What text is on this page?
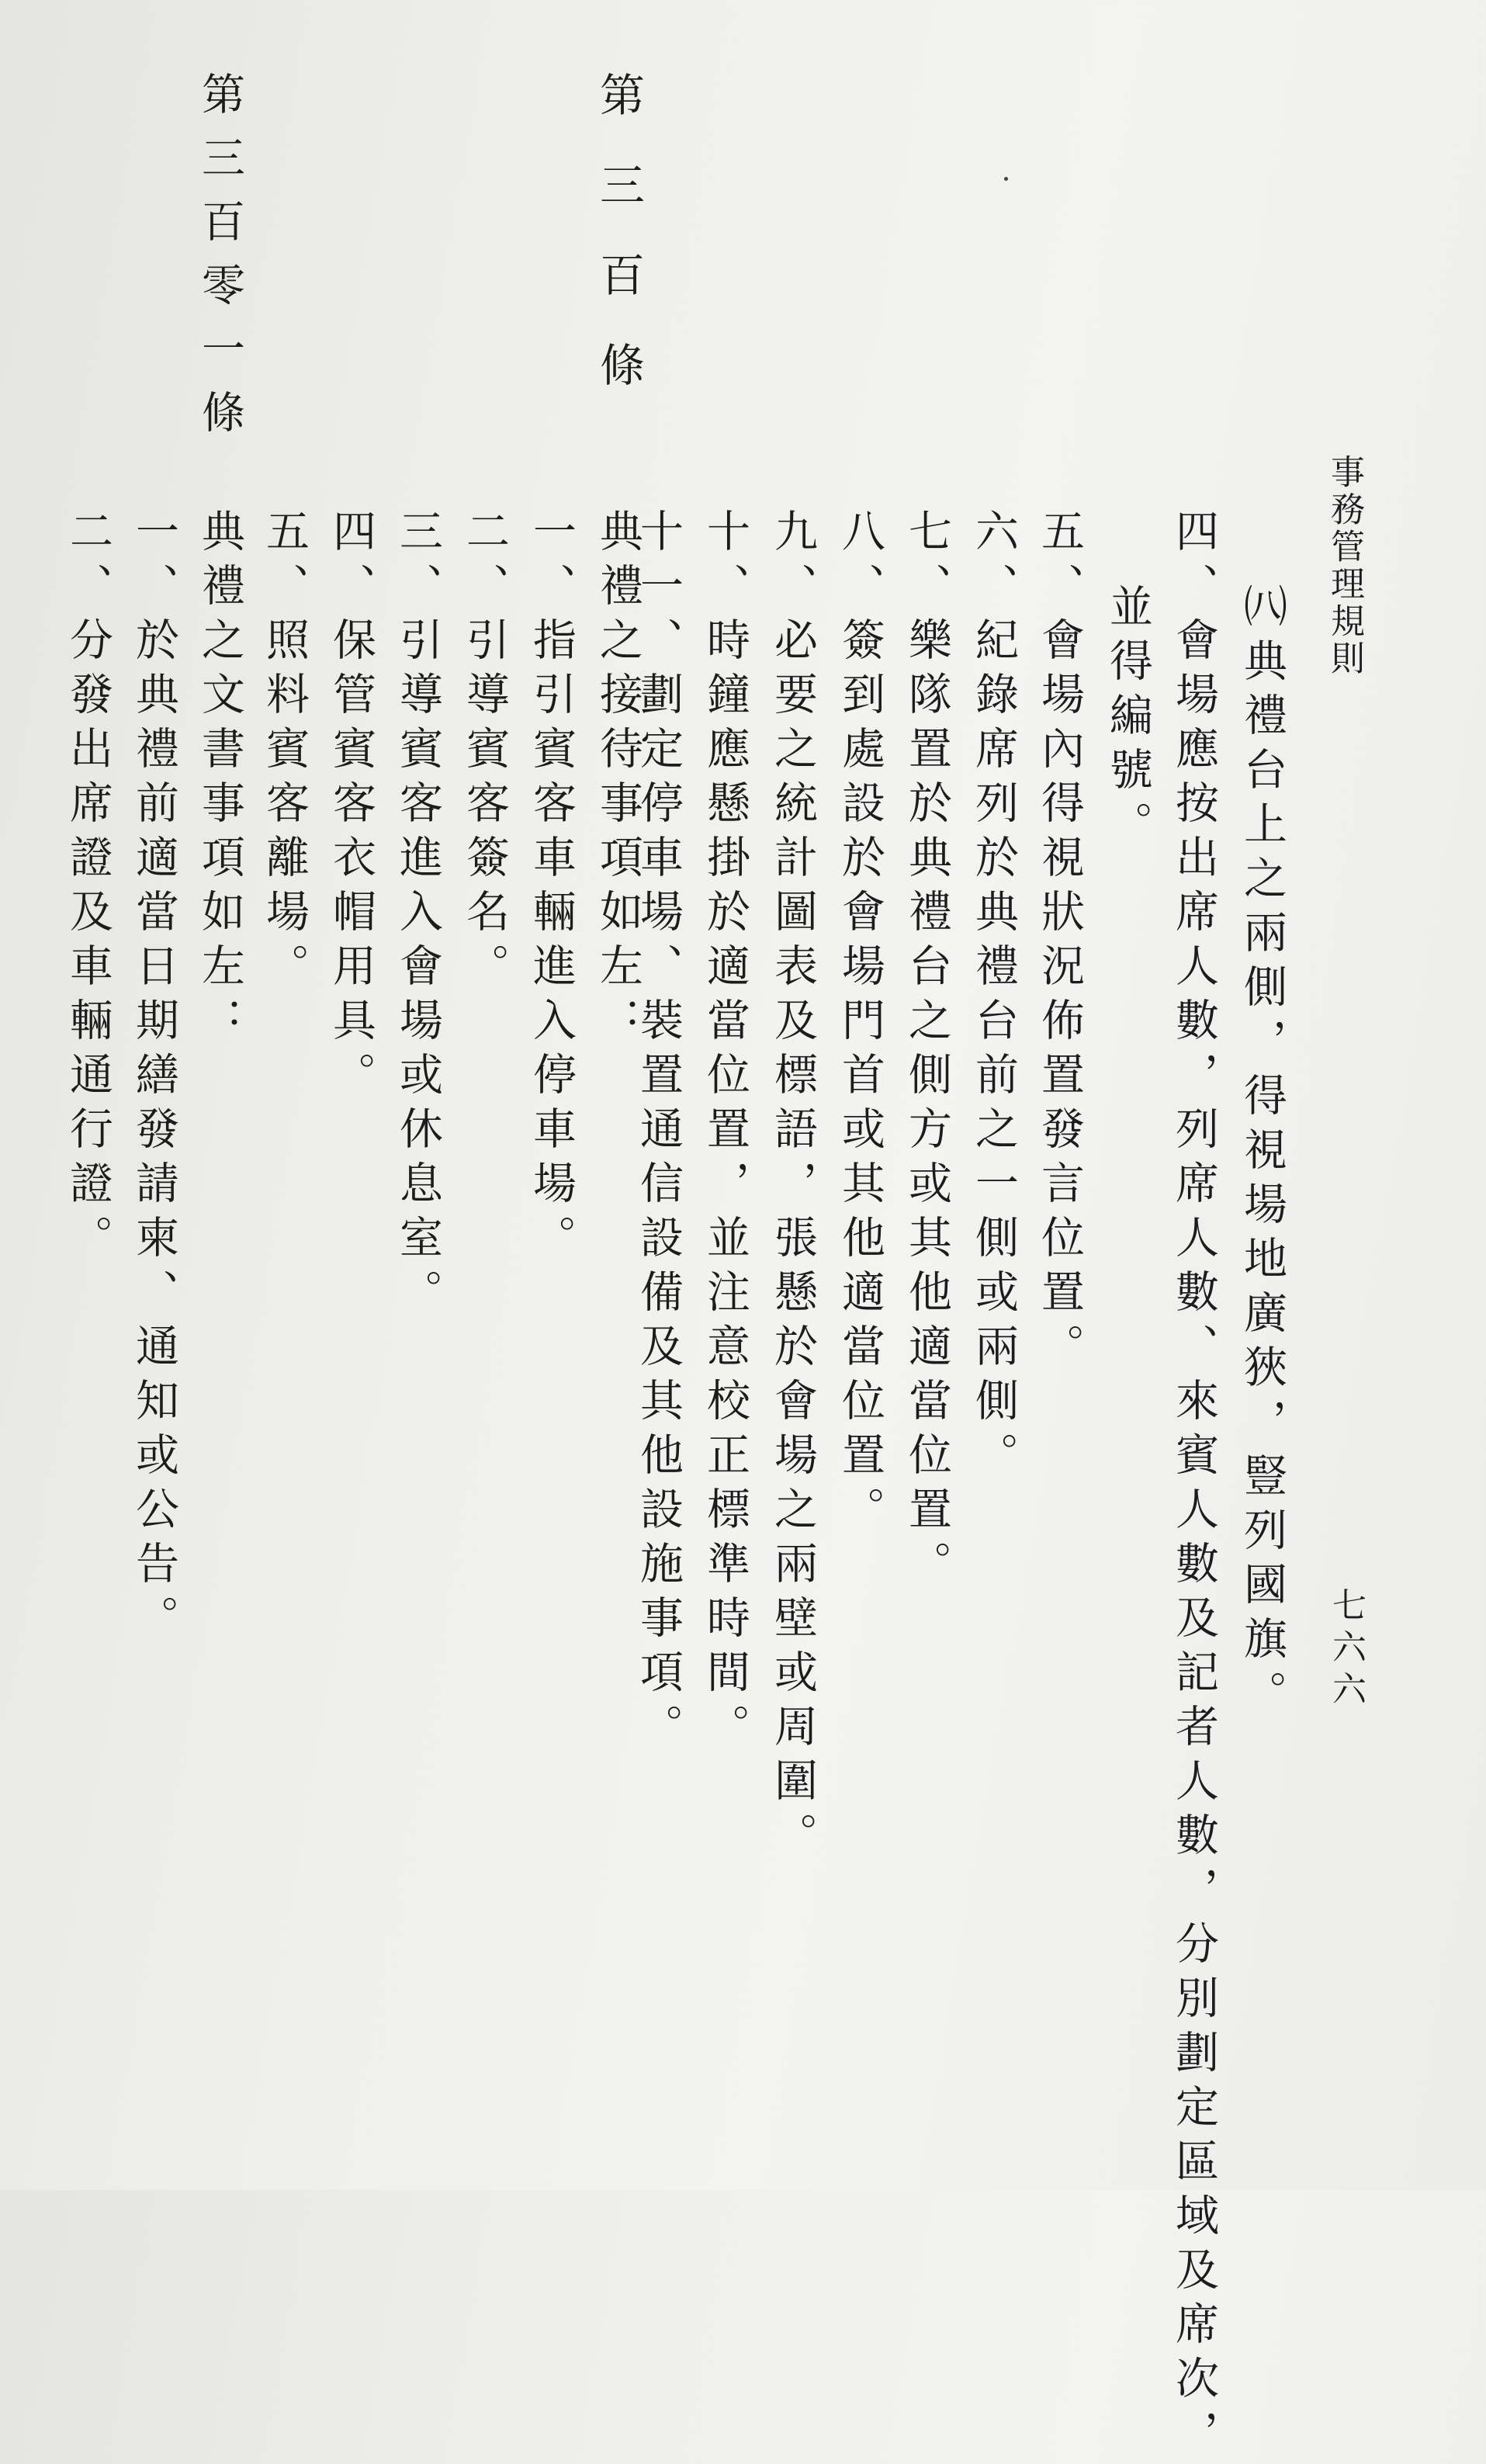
事務管理規則
七六六
㈧典禮台上之兩側，得視場地廣狹，豎列國旗。
四、會場應按出席人數，列席人數、來賓人數及記者人數，分別劃定區域及席次，
並得編號。
五、會場內得視狀況佈置發言位置。
六、紀錄席列於典禮台前之一側或兩側。
七、樂隊置於典禮台之側方或其他適當位置。
八、簽到處設於會場門首或其他適當位置。
九、必要之統計圖表及標語，張懸於會場之兩壁或周圍。
十、時鐘應懸掛於適當位置，並注意校正標準時間。
十一、劃定停車場、裝置通信設備及其他設施事項。
第三百條
典禮之接待事項如左：
一、指引賓客車輛進入停車場。
二、引導賓客簽名。
三、引導賓客進入會場或休息室。
四、保管賓客衣帽用具。
五、照料賓客離場。
第三百零一條
典禮之文書事項如左：
一、於典禮前適當日期繕發請柬、通知或公告。
二、分發出席證及車輛通行證。
